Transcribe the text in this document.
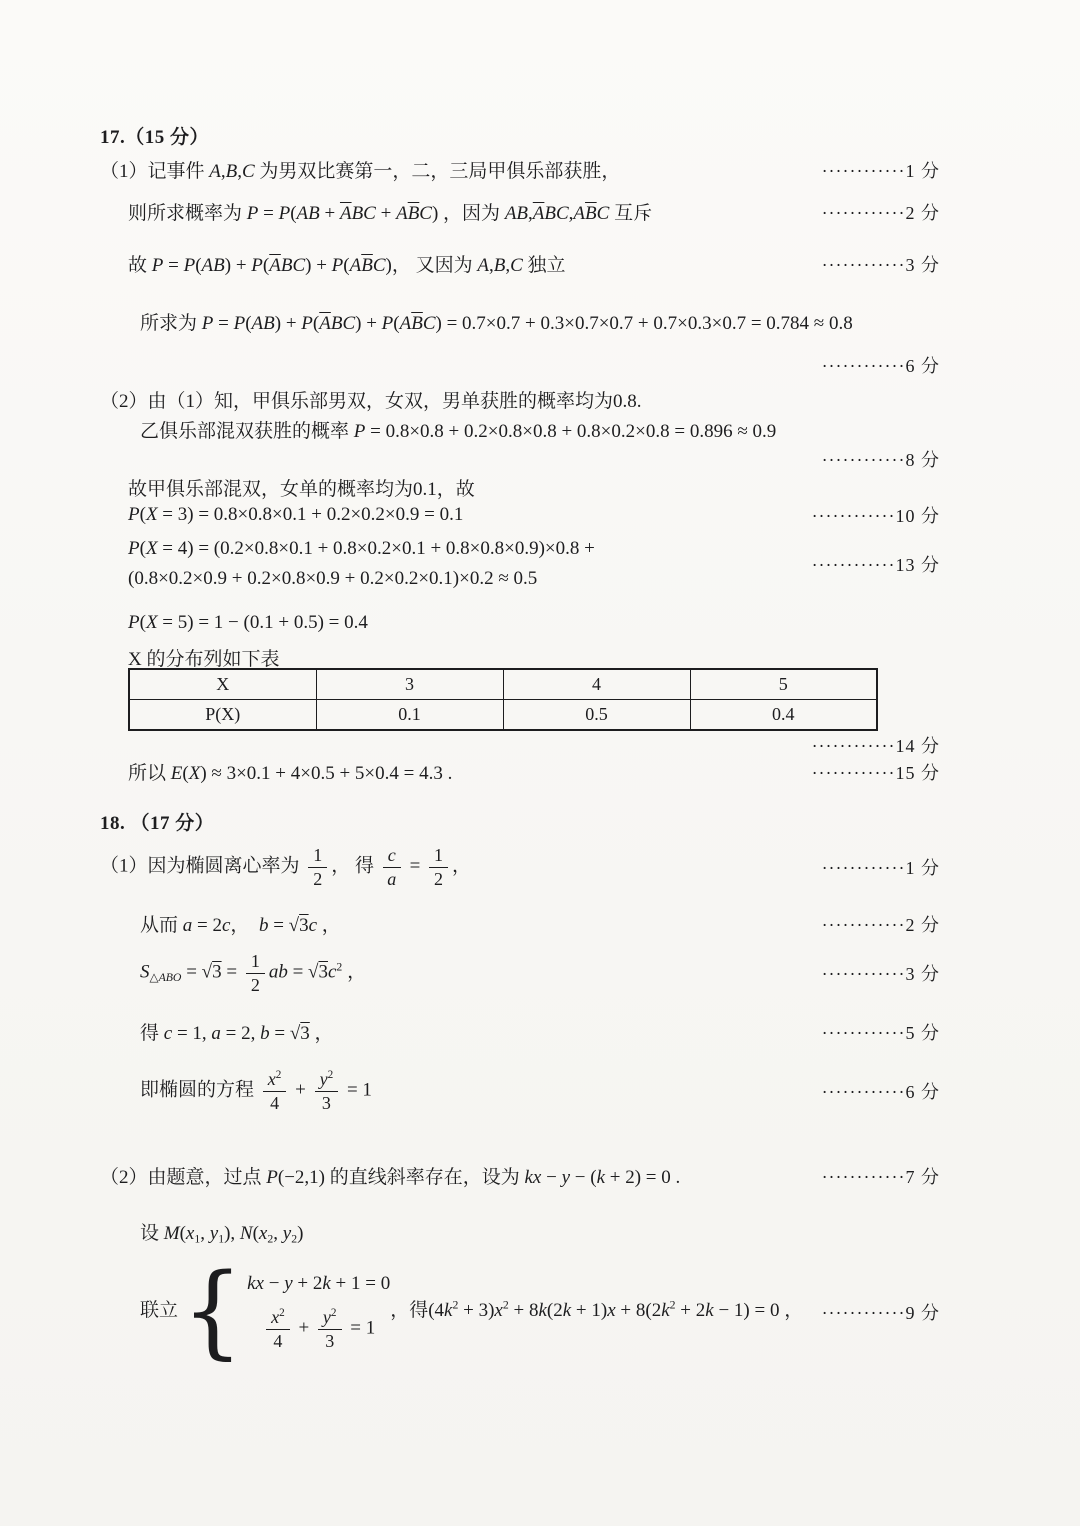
17.（15 分）
（1）记事件 A,B,C 为男双比赛第一，二，三局甲俱乐部获胜，	············1 分
则所求概率为 $P = P(AB + \overline{A}BC + A\overline{B}C)$ ，因为 $AB,\overline{A}BC,A\overline{B}C$ 互斥	············2 分
故 $P = P(AB) + P(\overline{A}BC) + P(A\overline{B}C)$， 又因为 A,B,C 独立	············3 分
所求为 $P = P(AB) + P(\overline{A}BC) + P(A\overline{B}C) = 0.7\times 0.7 + 0.3\times 0.7\times 0.7 + 0.7\times 0.3\times 0.7 = 0.784 \approx 0.8$
············6 分
（2）由（1）知，甲俱乐部男双，女双，男单获胜的概率均为0.8.
乙俱乐部混双获胜的概率 P = 0.8×0.8 + 0.2×0.8×0.8 + 0.8×0.2×0.8 = 0.896 ≈ 0.9
············8 分
故甲俱乐部混双，女单的概率均为0.1，故
P(X = 3) = 0.8×0.8×0.1 + 0.2×0.2×0.9 = 0.1	············10 分
P(X = 4) = (0.2×0.8×0.1 + 0.8×0.2×0.1 + 0.8×0.8×0.9)×0.8 +
(0.8×0.2×0.9 + 0.2×0.8×0.9 + 0.2×0.2×0.1)×0.2 ≈ 0.5
············13 分
P(X = 5) = 1 − (0.1 + 0.5) = 0.4
X 的分布列如下表
X	3	4	5
P(X)	0.1	0.5	0.4
············14 分
所以 E(X) ≈ 3×0.1 + 4×0.5 + 5×0.4 = 4.3 .	············15 分
18. （17 分）
（1）因为椭圆离心率为 $\frac{1}{2}$ ， 得 $\frac{c}{a} = \frac{1}{2}$ ，	············1 分
从而 a = 2c， b = √3c ，	············2 分
$S_{\triangle ABO} = √3 = \frac{1}{2}$ ab = $√3c^2$ ，	············3 分
得 c = 1, a = 2, b = √3 ，	············5 分
即椭圆的方程 $\frac{x^2}{4} + \frac{y^2}{3} = 1$	············6 分
（2）由题意，过点 P(−2,1) 的直线斜率存在，设为 kx − y − (k + 2) = 0 .	············7 分
设 $M(x_1$, $y_1$), $N(x_2$, $y_2$)
联立 { kx − y + 2k + 1 = 0
$\frac{x^2}{4} + \frac{y^2}{3} = 1$
，得$(4k^2 + 3)x^2 + 8k(2k + 1)x + 8(2k^2 + 2k - 1) = 0$ ， ············9 分
